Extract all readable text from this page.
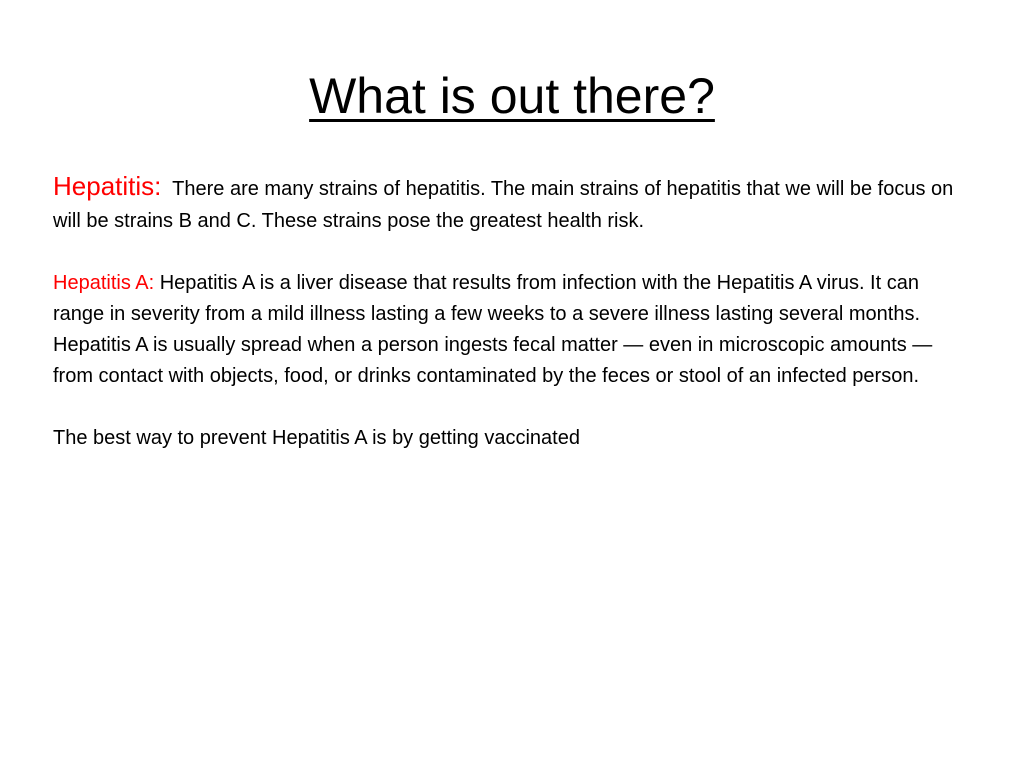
What is out there?

Hepatitis: There are many strains of hepatitis. The main strains of hepatitis that we will be focus on will be strains B and C. These strains pose the greatest health risk.

Hepatitis A: Hepatitis A is a liver disease that results from infection with the Hepatitis A virus. It can range in severity from a mild illness lasting a few weeks to a severe illness lasting several months. Hepatitis A is usually spread when a person ingests fecal matter — even in microscopic amounts — from contact with objects, food, or drinks contaminated by the feces or stool of an infected person.

The best way to prevent Hepatitis A is by getting vaccinated
